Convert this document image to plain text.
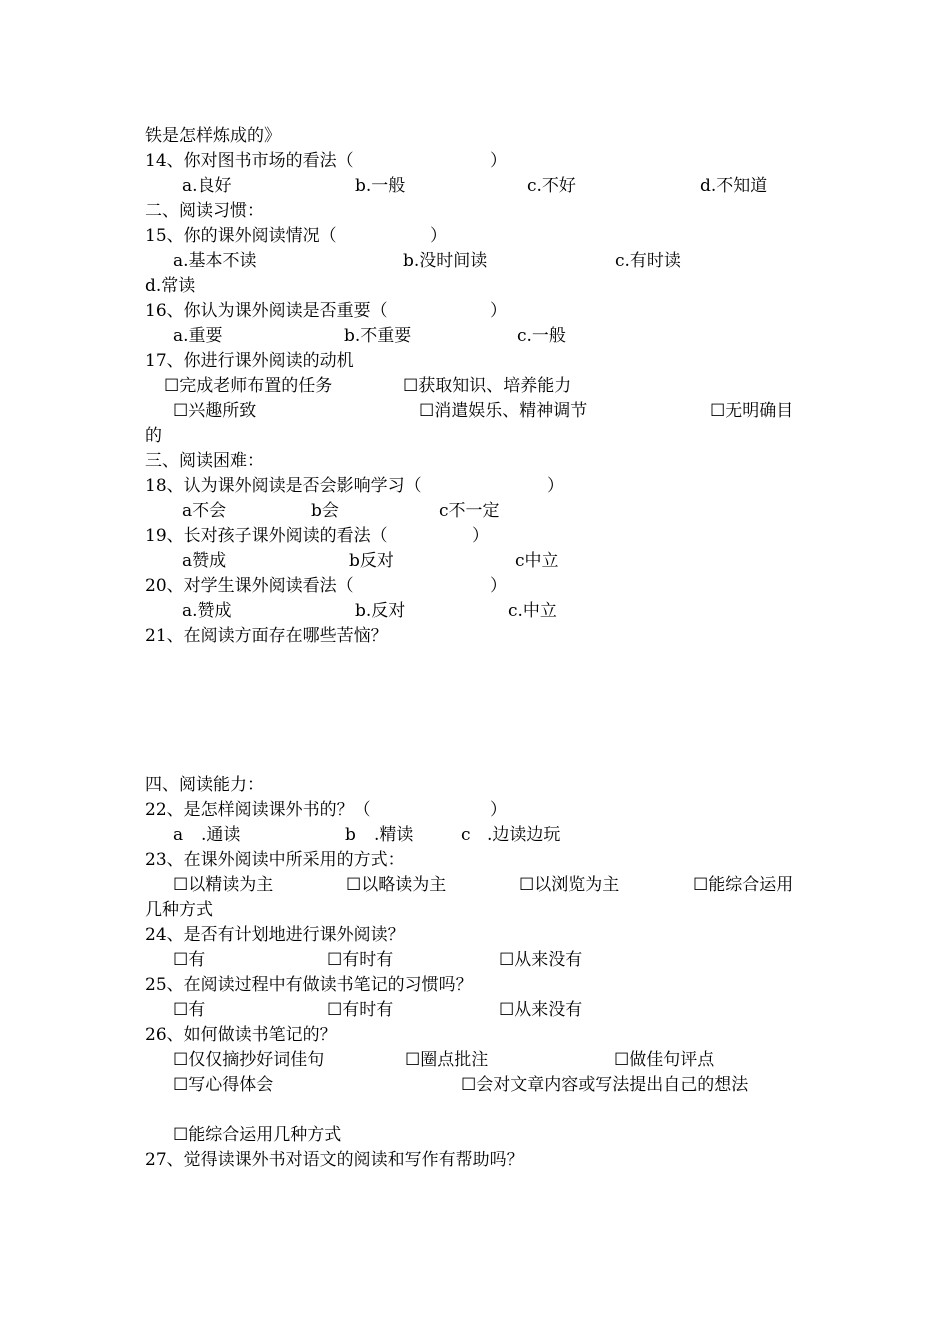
铁是怎样炼成的》
14、你对图书市场的看法（	）
a.良好	b.一般	c.不好	d.不知道
二、阅读习惯：
15、你的课外阅读情况（	）
a.基本不读	b.没时间读	c.有时读
d.常读
16、你认为课外阅读是否重要（	）
a.重要	b.不重要	c.一般
17、你进行课外阅读的动机
☐完成老师布置的任务	☐获取知识、培养能力
☐兴趣所致	☐消遣娱乐、精神调节	☐无明确目
的
三、阅读困难：
18、认为课外阅读是否会影响学习（	）
a不会	b会	c不一定
19、长对孩子课外阅读的看法（	）
a赞成	b反对	c中立
20、对学生课外阅读看法（	）
a.赞成	b.反对	c.中立
21、在阅读方面存在哪些苦恼？
四、阅读能力：
22、是怎样阅读课外书的？（	）
a .通读	b .精读	c .边读边玩
23、在课外阅读中所采用的方式：
☐以精读为主	☐以略读为主	☐以浏览为主	☐能综合运用
几种方式
24、是否有计划地进行课外阅读？
☐有	☐有时有	☐从来没有
25、在阅读过程中有做读书笔记的习惯吗？
☐有	☐有时有	☐从来没有
26、如何做读书笔记的？
☐仅仅摘抄好词佳句	☐圈点批注	☐做佳句评点
☐写心得体会	☐会对文章内容或写法提出自己的想法
☐能综合运用几种方式
27、觉得读课外书对语文的阅读和写作有帮助吗？
